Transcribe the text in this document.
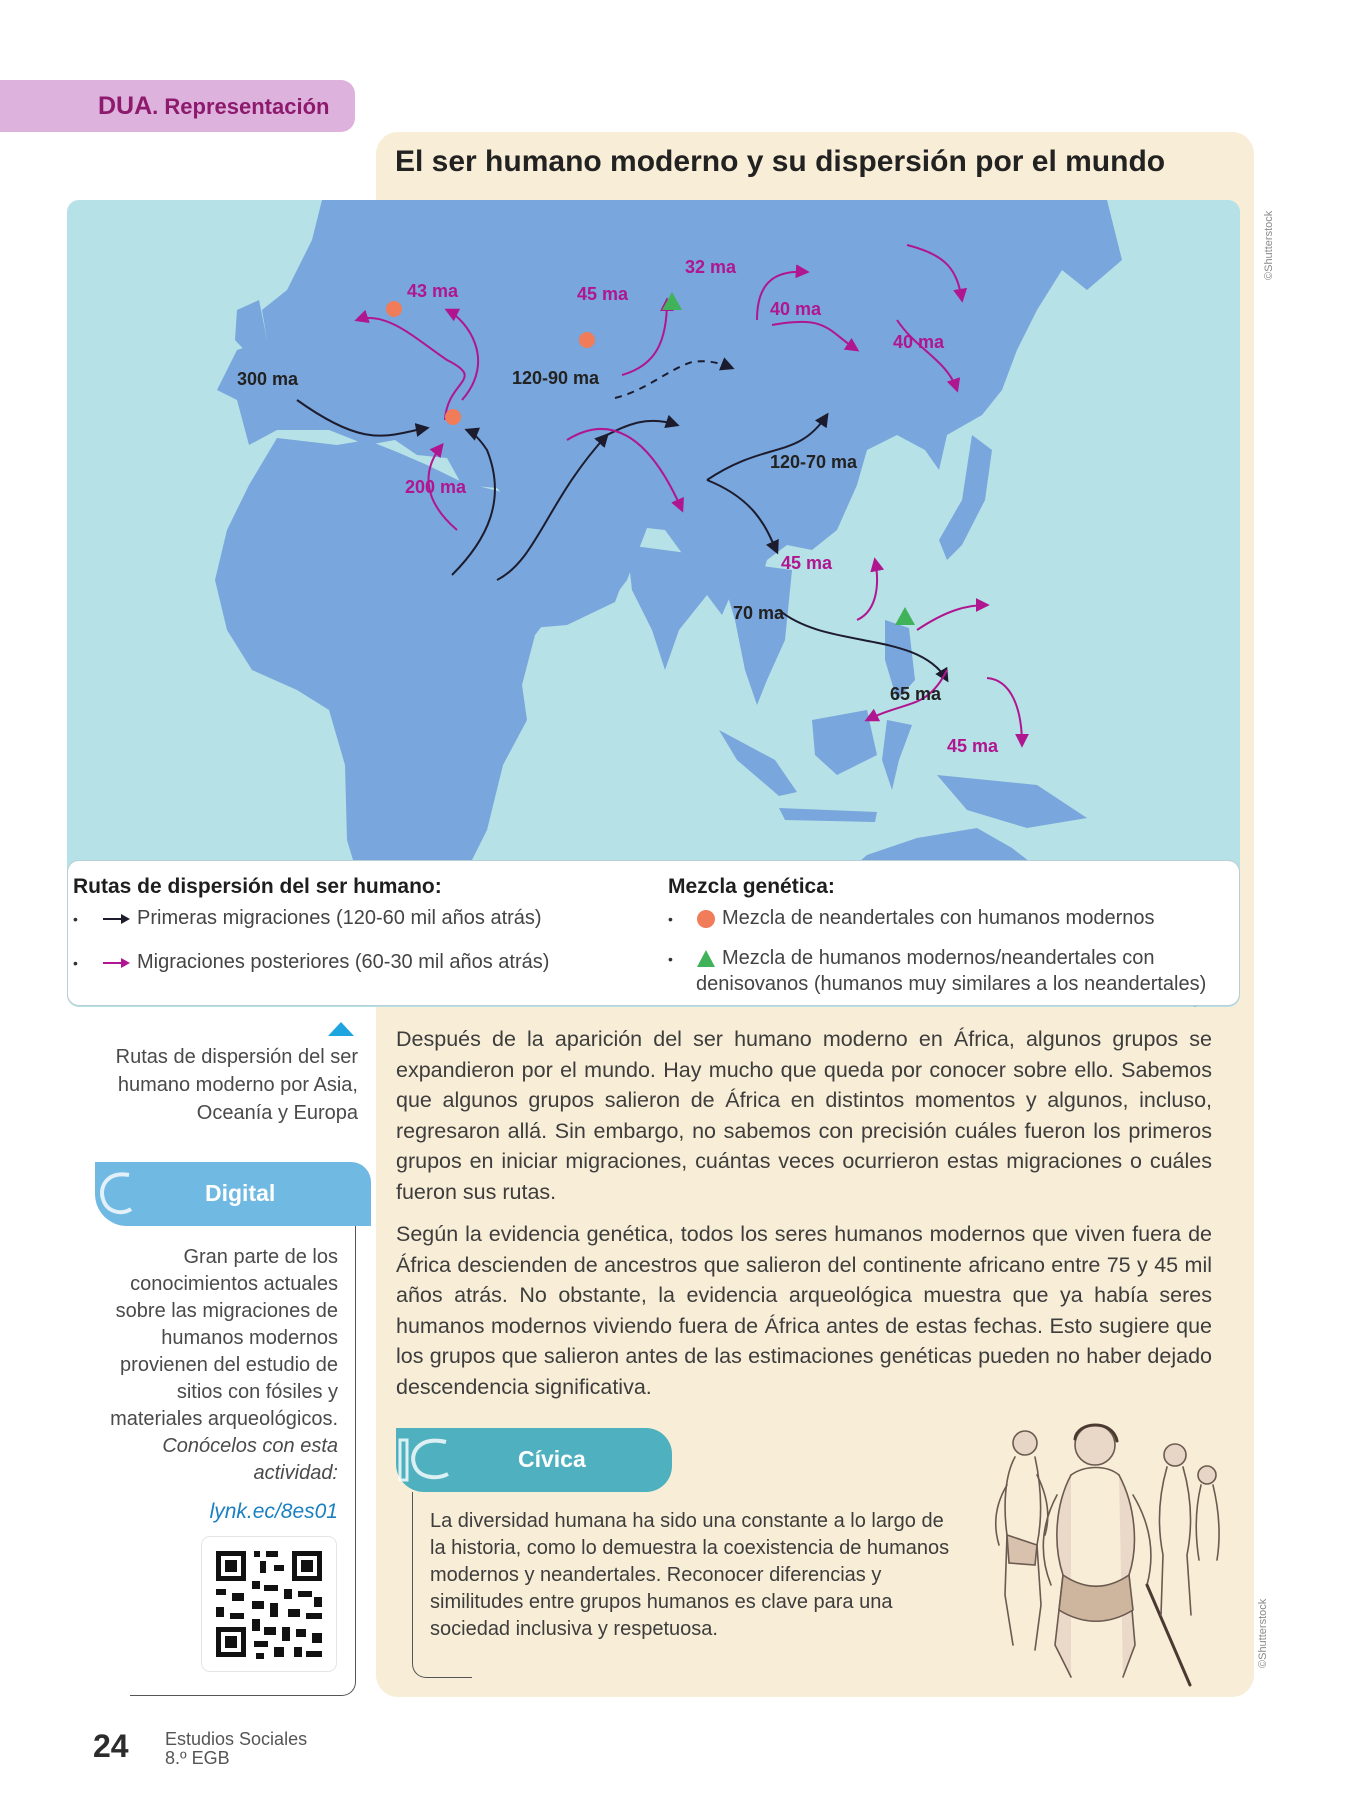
DUA. Representación
El ser humano moderno y su dispersión por el mundo
©Shutterstock
©Shutterstock
300 ma
200 ma
43 ma	45 ma
32 ma
40 ma
40 ma
120-90 ma
120-70 ma
45 ma
70 ma
65 ma
45 ma
Rutas de dispersión del ser humano:
•	Primeras migraciones (120-60 mil años atrás)
•	Migraciones posteriores (60-30 mil años atrás)
Mezcla genética:
•	Mezcla de neandertales con humanos modernos
•	Mezcla de humanos modernos/neandertales con
denisovanos (humanos muy similares a los neandertales)
Rutas de dispersión del ser humano moderno por Asia, Oceanía y Europa
Después de la aparición del ser humano moderno en África, algunos grupos se expandieron por el mundo. Hay mucho que queda por conocer sobre ello. Sabemos que algunos grupos salieron de África en distintos momentos y algunos, incluso, regresaron allá. Sin embargo, no sabemos con precisión cuáles fueron los primeros grupos en iniciar migraciones, cuántas veces ocurrieron estas migraciones o cuáles fueron sus rutas.
Según la evidencia genética, todos los seres humanos modernos que viven fuera de África descienden de ancestros que salieron del continente africano entre 75 y 45 mil años atrás. No obstante, la evidencia arqueológica muestra que ya había seres humanos modernos viviendo fuera de África antes de estas fechas. Esto sugiere que los grupos que salieron antes de las estimaciones genéticas pueden no haber dejado descendencia significativa.
Digital
Gran parte de los conocimientos actuales sobre las migraciones de humanos modernos provienen del estudio de sitios con fósiles y materiales arqueológicos. Conócelos con esta actividad:
lynk.ec/8es01
Cívica
La diversidad humana ha sido una constante a lo largo de la historia, como lo demuestra la coexistencia de humanos modernos y neandertales. Reconocer diferencias y similitudes entre grupos humanos es clave para una sociedad inclusiva y respetuosa.
24 Estudios Sociales
8.º EGB
